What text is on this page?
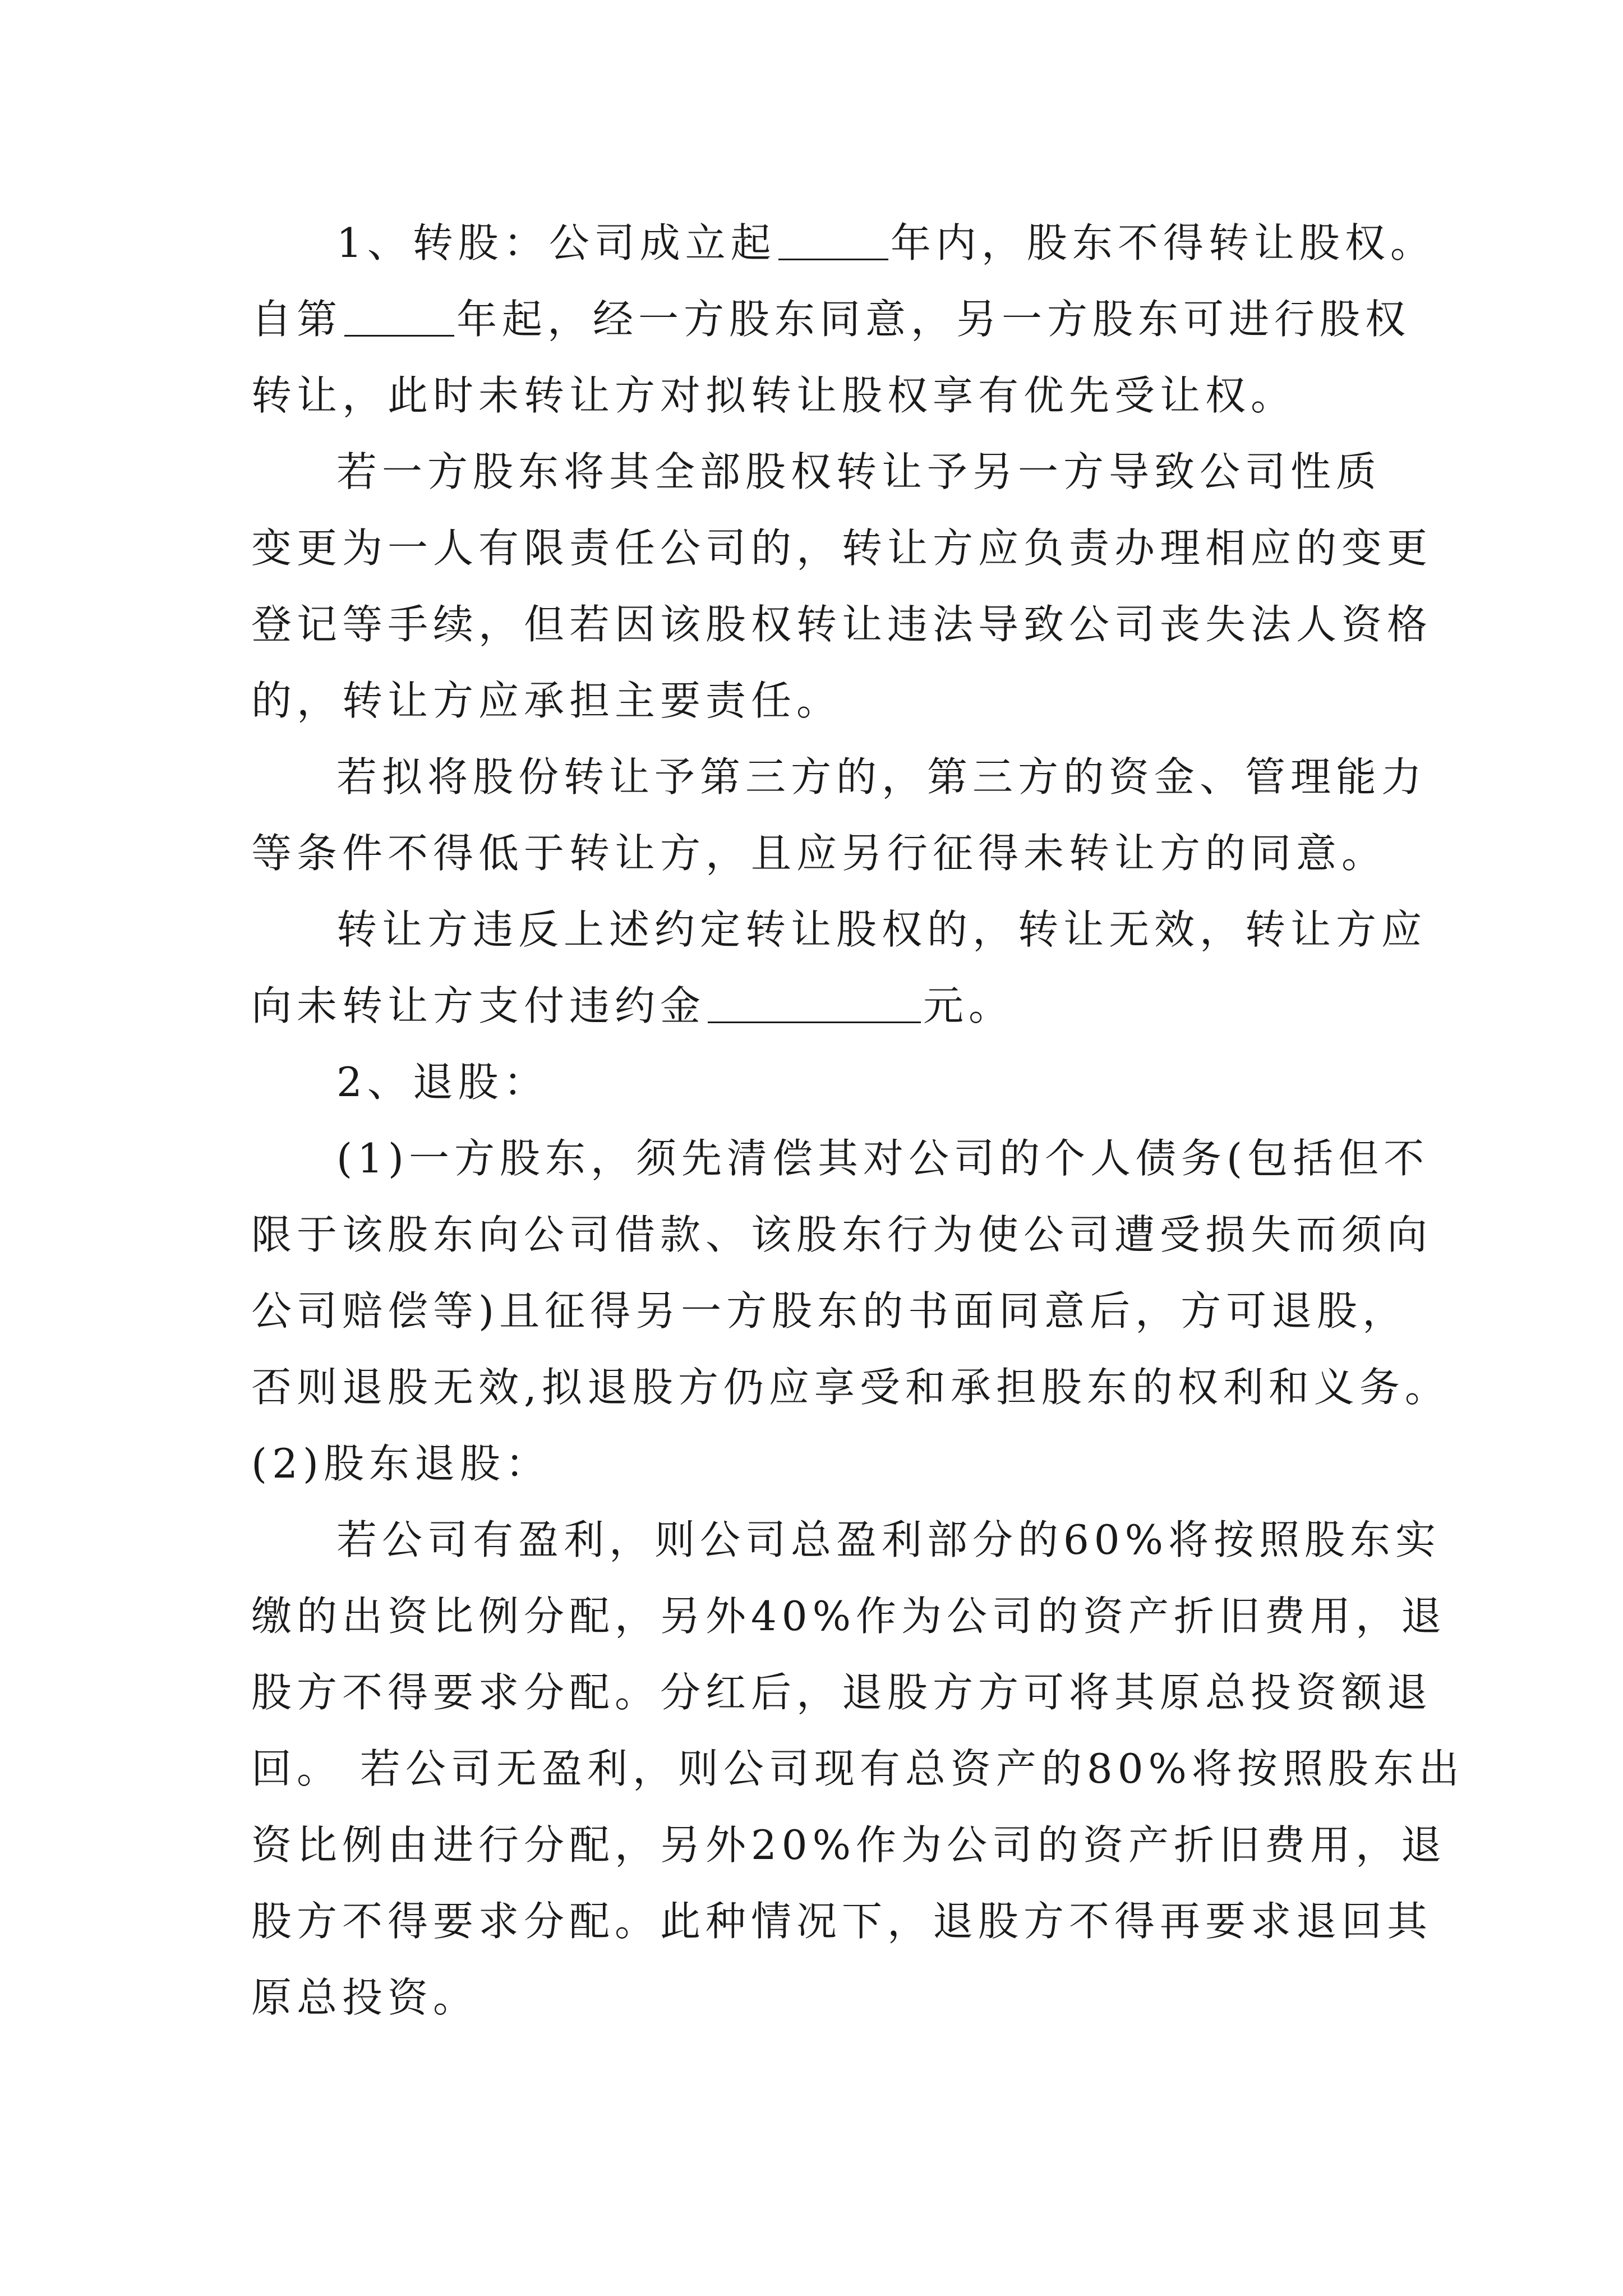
1、转股：公司成立起	年内，股东不得转让股权。
自第	年起，经一方股东同意，另一方股东可进行股权
转让，此时未转让方对拟转让股权享有优先受让权。
若一方股东将其全部股权转让予另一方导致公司性质
变更为一人有限责任公司的，转让方应负责办理相应的变更
登记等手续，但若因该股权转让违法导致公司丧失法人资格
的，转让方应承担主要责任。
若拟将股份转让予第三方的，第三方的资金、管理能力
等条件不得低于转让方，且应另行征得未转让方的同意。
转让方违反上述约定转让股权的，转让无效，转让方应
向未转让方支付违约金	元。
2、退股：
(1)一方股东，须先清偿其对公司的个人债务(包括但不
限于该股东向公司借款、该股东行为使公司遭受损失而须向
公司赔偿等)且征得另一方股东的书面同意后，方可退股，
否则退股无效,拟退股方仍应享受和承担股东的权利和义务。
(2)股东退股：
若公司有盈利，则公司总盈利部分的60%将按照股东实
缴的出资比例分配，另外40%作为公司的资产折旧费用，退
股方不得要求分配。分红后，退股方方可将其原总投资额退
回。 若公司无盈利，则公司现有总资产的80%将按照股东出
资比例由进行分配，另外20%作为公司的资产折旧费用，退
股方不得要求分配。此种情况下，退股方不得再要求退回其
原总投资。
